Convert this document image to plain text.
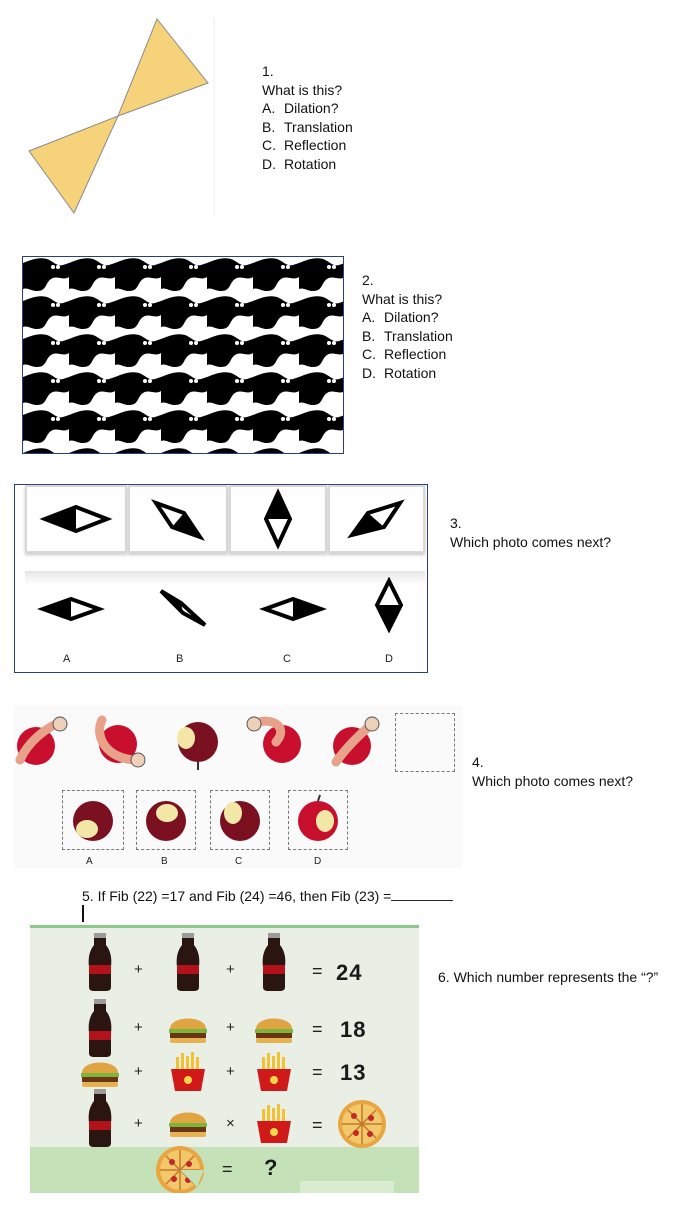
1.
What is this?
A. Dilation?
B. Translation
C. Reflection
D. Rotation
2.
What is this?
A. Dilation?
B. Translation
C. Reflection
D. Rotation
A	B	C	D
3.
Which photo comes next?
A	B	C	D
4.
Which photo comes next?
5. If Fib (22) =17 and Fib (24) =46, then Fib (23) =
+	+	= 24
+	+	= 18
+	+	= 13
+	×	=
= ?
6. Which number represents the “?”
